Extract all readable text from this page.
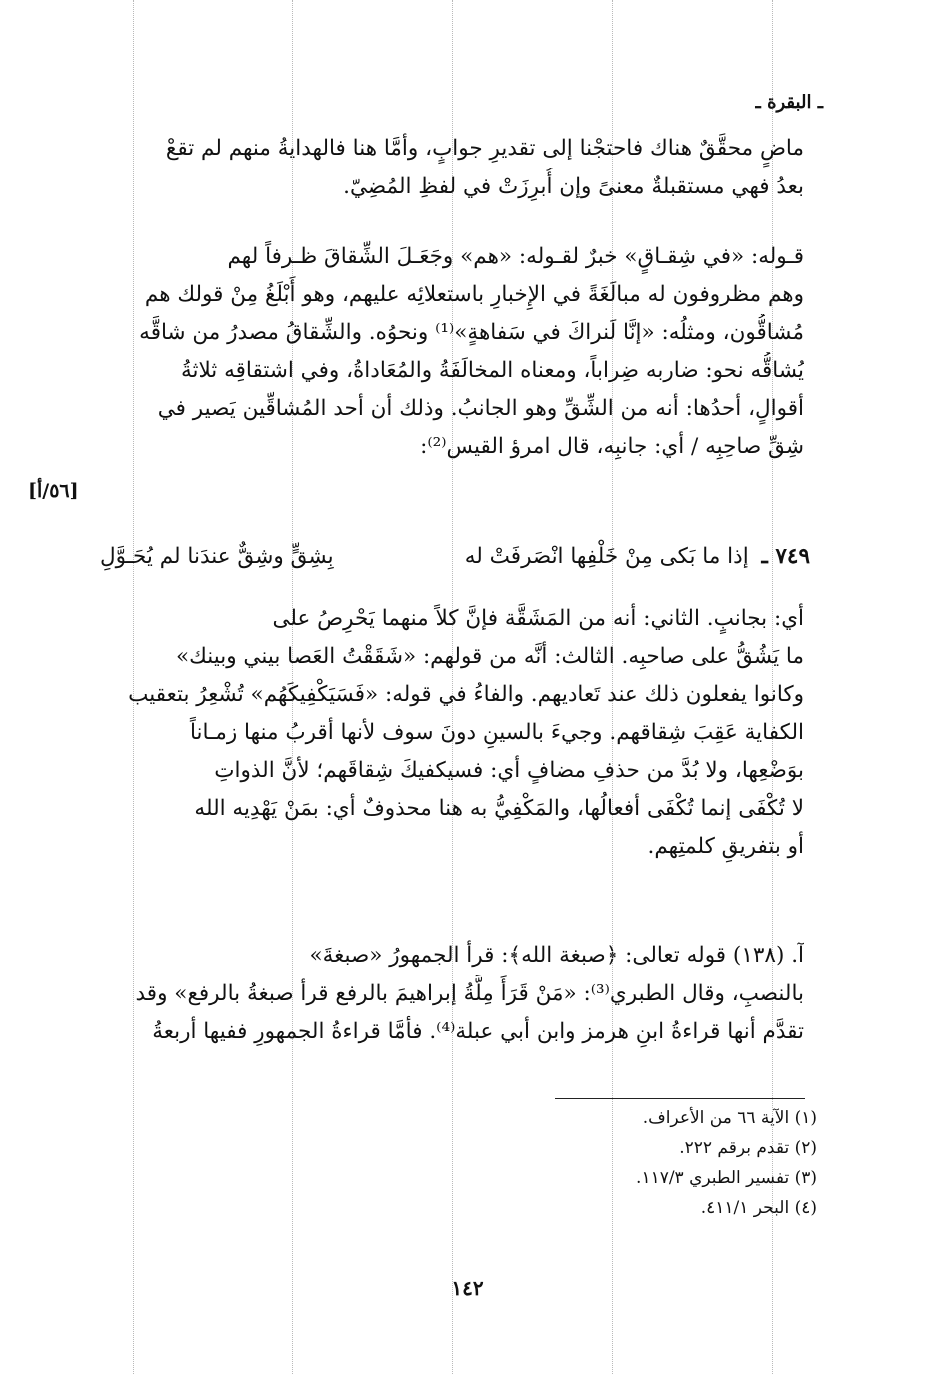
ـ البقرة ـ
[٥٦/أ]
ماضٍ محقَّقٌ هناك فاحتجْنا إلى تقديرِ جوابٍ، وأمَّا هنا فالهدايةُ منهم لم تقعْ
بعدُ فهي مستقبلةٌ معنىً وإن أُبرِزَتْ في لفظِ المُضِيّ.
قـوله: «في شِقـاقٍ» خبرٌ لقـوله: «هم» وجَعَـلَ الشِّقاقَ ظـرفاً لهم
وهم مظروفون له مبالَغَةً في الإِخبارِ باستعلائِه عليهم، وهو أَبْلَغُ مِنْ قولك هم
مُشاقُّون، ومثلُه: «إنَّا لَنراكَ في سَفاهةٍ»⁽¹⁾ ونحوُه. والشِّقاقُ مصدرُ من شاقَّه
يُشاقُّه نحو: ضاربه ضِراباً، ومعناه المخالَفَةُ والمُعَاداةُ، وفي اشتقاقِه ثلاثةُ
أقوالٍ، أحدُها: أنه من الشِّقِّ وهو الجانبُ. وذلك أن أحد المُشاقِّين يَصير في
شِقِّ صاحِبِه / أي: جانبِه، قال امرؤ القيس⁽²⁾:
٧٤٩ ـ إذا ما بَكى مِنْ خَلْفِها انْصَرفَتْ له
بِشِقٍّ وشِقٌّ عندَنا لم يُحَـوَّلِ
أي: بجانبٍ. الثاني: أنه من المَشَقَّة فإنَّ كلاً منهما يَحْرِصُ على
ما يَشُقُّ على صاحبِه. الثالث: أنَّه من قولهم: «شَقَقْتُ العَصا بيني وبينك»
وكانوا يفعلون ذلك عند تَعاديهم. والفاءُ في قوله: «فَسَيَكْفِيكَهُم» تُشْعِرُ بتعقيب
الكفاية عَقِبَ شِقاقهم. وجيءَ بالسينِ دونَ سوف لأنها أقربُ منها زمـاناً
بوَضْعِها، ولا بُدَّ من حذفِ مضافٍ أي: فسيكفيكَ شِقاقَهم؛ لأنَّ الذواتِ
لا تُكْفَى إنما تُكْفَى أفعالُها، والمَكْفِيُّ به هنا محذوفٌ أي: بمَنْ يَهْدِيه الله
أو بتفريقِ كلمتِهم.
آ. (١٣٨) قوله تعالى: ﴿صبغة الله﴾: قرأ الجمهورُ «صبغةَ»
بالنصبِ، وقال الطبري⁽³⁾: «مَنْ قَرَأَ مِلَّةُ إبراهيمَ بالرفع قرأ صبغةُ بالرفع» وقد
تقدَّم أنها قراءةُ ابنِ هرمز وابن أبي عبلة⁽⁴⁾. فأمَّا قراءةُ الجمهورِ ففيها أربعةُ
(١) الآية ٦٦ من الأعراف.
(٢) تقدم برقم ٢٢٢.
(٣) تفسير الطبري ١١٧/٣.
(٤) البحر ٤١١/١.
١٤٢
